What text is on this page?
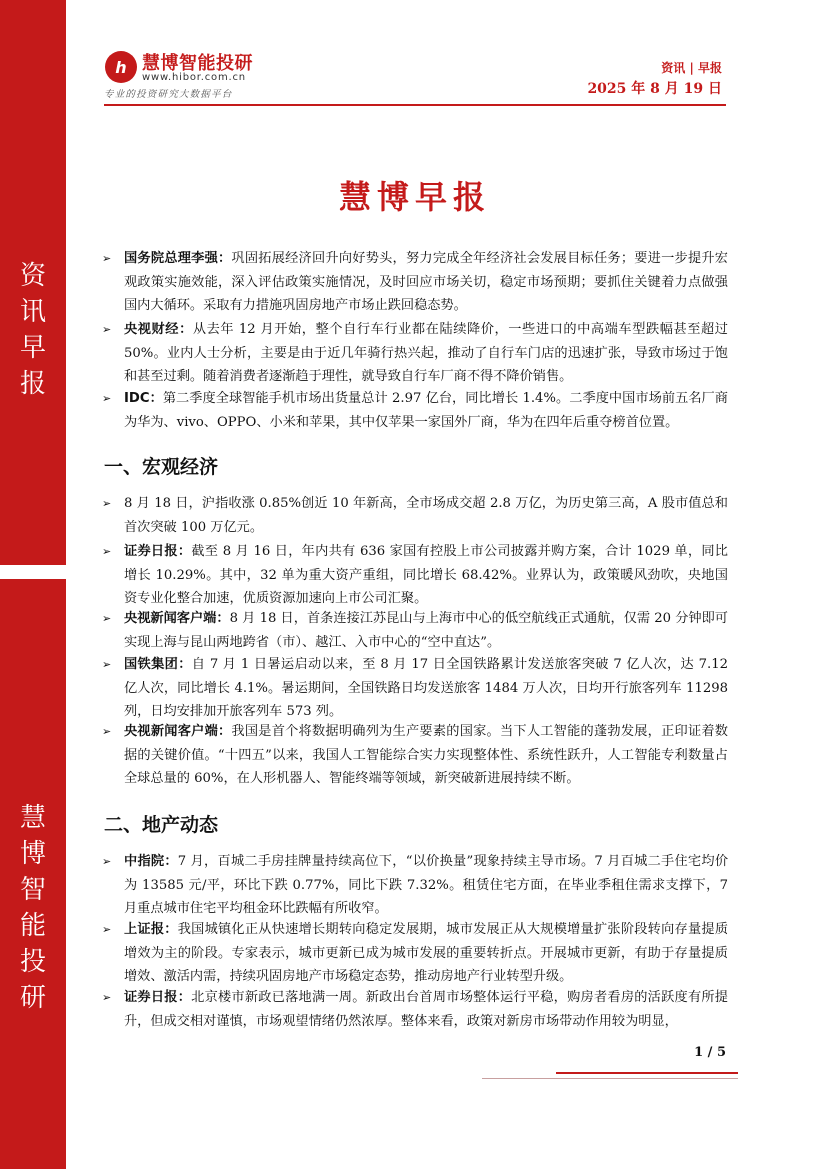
资
讯
早
报
慧
博
智
能
投
研
h 慧博智能投研
www.hibor.com.cn
专业的投资研究大数据平台
资讯 | 早报
2025 年 8 月 19 日
慧博早报
➢ 国务院总理李强：巩固拓展经济回升向好势头，努力完成全年经济社会发展目标任务；要进一步提升宏观政策实施效能，深入评估政策实施情况，及时回应市场关切，稳定市场预期；要抓住关键着力点做强国内大循环。采取有力措施巩固房地产市场止跌回稳态势。
➢ 央视财经：从去年 12 月开始，整个自行车行业都在陆续降价，一些进口的中高端车型跌幅甚至超过 50%。业内人士分析，主要是由于近几年骑行热兴起，推动了自行车门店的迅速扩张，导致市场过于饱和甚至过剩。随着消费者逐渐趋于理性，就导致自行车厂商不得不降价销售。
➢ IDC：第二季度全球智能手机市场出货量总计 2.97 亿台，同比增长 1.4%。二季度中国市场前五名厂商为华为、vivo、OPPO、小米和苹果，其中仅苹果一家国外厂商，华为在四年后重夺榜首位置。
一、宏观经济
➢ 8 月 18 日，沪指收涨 0.85%创近 10 年新高，全市场成交超 2.8 万亿，为历史第三高，A 股市值总和首次突破 100 万亿元。
➢ 证券日报：截至 8 月 16 日，年内共有 636 家国有控股上市公司披露并购方案，合计 1029 单，同比增长 10.29%。其中，32 单为重大资产重组，同比增长 68.42%。业界认为，政策暖风劲吹，央地国资专业化整合加速，优质资源加速向上市公司汇聚。
➢ 央视新闻客户端：8 月 18 日，首条连接江苏昆山与上海市中心的低空航线正式通航，仅需 20 分钟即可实现上海与昆山两地跨省（市）、越江、入市中心的“空中直达”。
➢ 国铁集团：自 7 月 1 日暑运启动以来，至 8 月 17 日全国铁路累计发送旅客突破 7 亿人次，达 7.12 亿人次，同比增长 4.1%。暑运期间，全国铁路日均发送旅客 1484 万人次，日均开行旅客列车 11298 列，日均安排加开旅客列车 573 列。
➢ 央视新闻客户端：我国是首个将数据明确列为生产要素的国家。当下人工智能的蓬勃发展，正印证着数据的关键价值。“十四五”以来，我国人工智能综合实力实现整体性、系统性跃升，人工智能专利数量占全球总量的 60%，在人形机器人、智能终端等领域，新突破新进展持续不断。
二、地产动态
➢ 中指院：7 月，百城二手房挂牌量持续高位下，“以价换量”现象持续主导市场。7 月百城二手住宅均价为 13585 元/平，环比下跌 0.77%，同比下跌 7.32%。租赁住宅方面，在毕业季租住需求支撑下，7 月重点城市住宅平均租金环比跌幅有所收窄。
➢ 上证报：我国城镇化正从快速增长期转向稳定发展期，城市发展正从大规模增量扩张阶段转向存量提质增效为主的阶段。专家表示，城市更新已成为城市发展的重要转折点。开展城市更新，有助于存量提质增效、激活内需，持续巩固房地产市场稳定态势，推动房地产行业转型升级。
➢ 证券日报：北京楼市新政已落地满一周。新政出台首周市场整体运行平稳，购房者看房的活跃度有所提升，但成交相对谨慎，市场观望情绪仍然浓厚。整体来看，政策对新房市场带动作用较为明显，
1 / 5
